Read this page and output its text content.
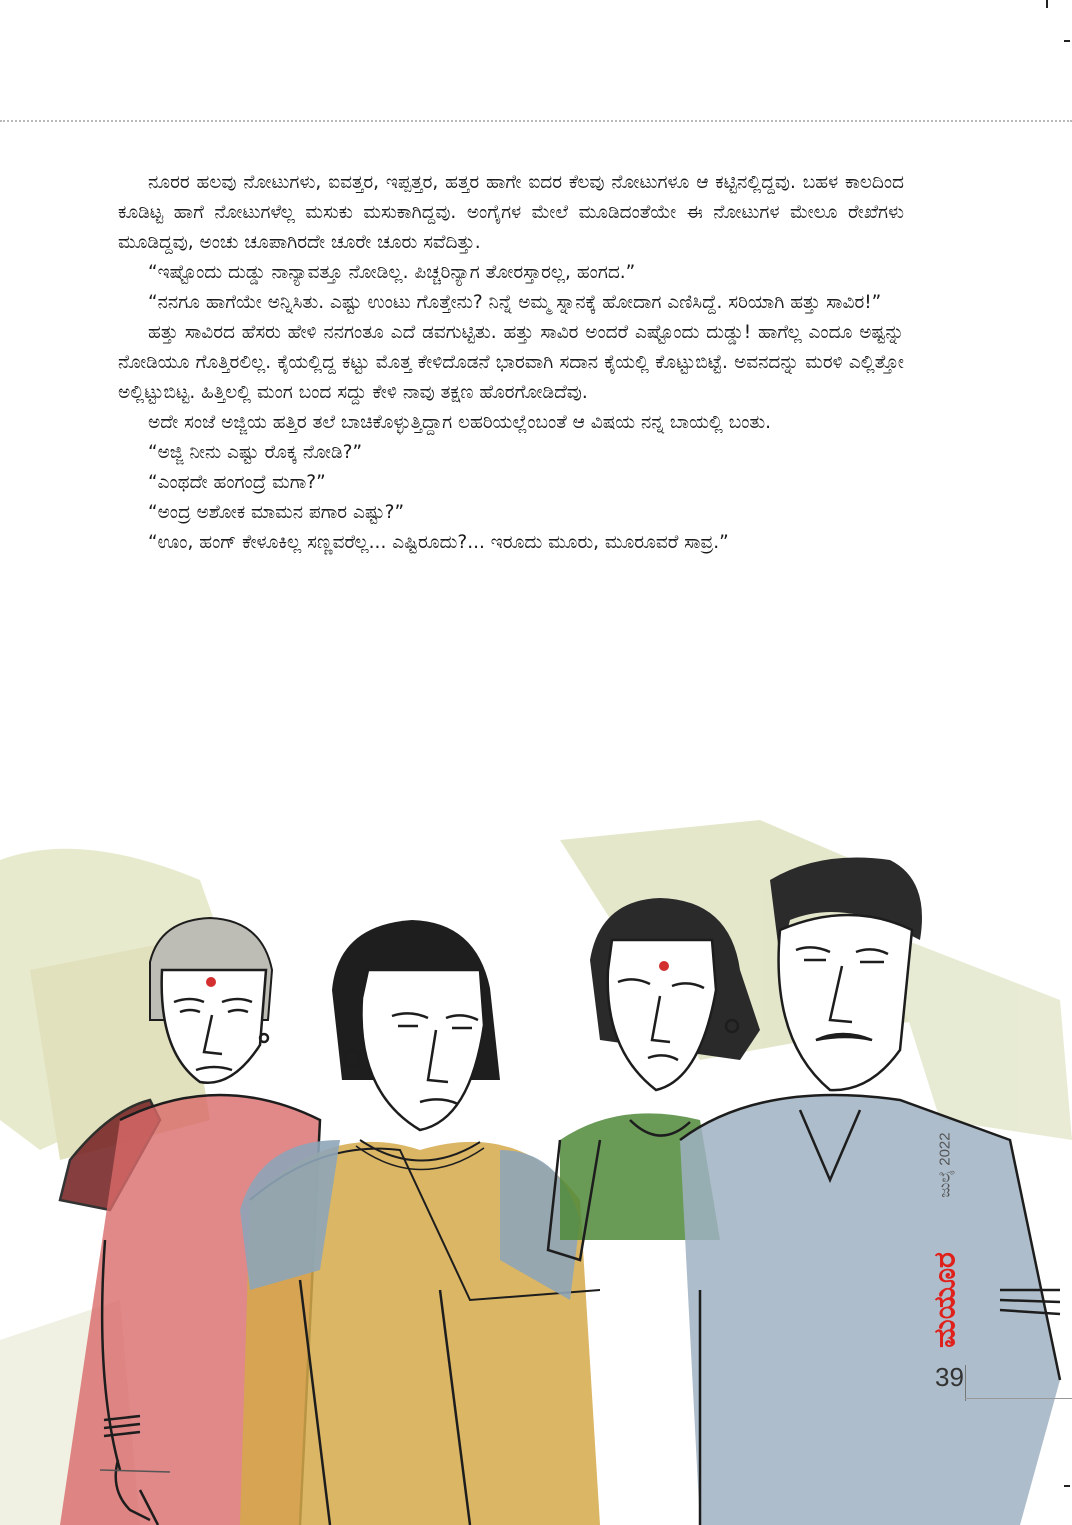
ನೂರರ ಹಲವು ನೋಟುಗಳು, ಐವತ್ತರ, ಇಪ್ಪತ್ತರ, ಹತ್ತರ ಹಾಗೇ ಐದರ ಕೆಲವು ನೋಟುಗಳೂ ಆ ಕಟ್ಟಿನಲ್ಲಿದ್ದವು. ಬಹಳ ಕಾಲದಿಂದ ಕೂಡಿಟ್ಟ ಹಾಗೆ ನೋಟುಗಳೆಲ್ಲ ಮಸುಕು ಮಸುಕಾಗಿದ್ದವು. ಅಂಗೈಗಳ ಮೇಲೆ ಮೂಡಿದಂತೆಯೇ ಈ ನೋಟುಗಳ ಮೇಲೂ ರೇಖೆಗಳು ಮೂಡಿದ್ದವು, ಅಂಚು ಚೂಪಾಗಿರದೇ ಚೂರೇ ಚೂರು ಸವೆದಿತ್ತು.

“ಇಷ್ಟೊಂದು ದುಡ್ಡು ನಾನ್ಯಾವತ್ತೂ ನೋಡಿಲ್ಲ. ಪಿಚ್ಚರಿನ್ಯಾಗ ತೋರಸ್ತಾರಲ್ಲ, ಹಂಗದ.”

“ನನಗೂ ಹಾಗೆಯೇ ಅನ್ನಿಸಿತು. ಎಷ್ಟು ಉಂಟು ಗೊತ್ತೇನು? ನಿನ್ನೆ ಅಮ್ಮ ಸ್ನಾನಕ್ಕೆ ಹೋದಾಗ ಎಣಿಸಿದ್ದೆ. ಸರಿಯಾಗಿ ಹತ್ತು ಸಾವಿರ!”

ಹತ್ತು ಸಾವಿರದ ಹೆಸರು ಹೇಳಿ ನನಗಂತೂ ಎದೆ ಡವಗುಟ್ಟಿತು. ಹತ್ತು ಸಾವಿರ ಅಂದರೆ ಎಷ್ಟೊಂದು ದುಡ್ಡು! ಹಾಗೆಲ್ಲ ಎಂದೂ ಅಷ್ಟನ್ನು ನೋಡಿಯೂ ಗೊತ್ತಿರಲಿಲ್ಲ. ಕೈಯಲ್ಲಿದ್ದ ಕಟ್ಟು ಮೊತ್ತ ಕೇಳಿದೊಡನೆ ಭಾರವಾಗಿ ಸದಾನ ಕೈಯಲ್ಲಿ ಕೊಟ್ಟುಬಿಟ್ಟೆ. ಅವನದನ್ನು ಮರಳಿ ಎಲ್ಲಿತ್ತೋ ಅಲ್ಲಿಟ್ಟುಬಿಟ್ಟ. ಹಿತ್ತಿಲಲ್ಲಿ ಮಂಗ ಬಂದ ಸದ್ದು ಕೇಳಿ ನಾವು ತಕ್ಷಣ ಹೊರಗೋಡಿದೆವು.

ಅದೇ ಸಂಜೆ ಅಜ್ಜಿಯ ಹತ್ತಿರ ತಲೆ ಬಾಚಿಕೊಳ್ಳುತ್ತಿದ್ದಾಗ ಲಹರಿಯಲ್ಲೆಂಬಂತೆ ಆ ವಿಷಯ ನನ್ನ ಬಾಯಲ್ಲಿ ಬಂತು.

“ಅಜ್ಜಿ ನೀನು ಎಷ್ಟು ರೊಕ್ಕ ನೋಡಿ?”

“ಎಂಥದೇ ಹಂಗಂದ್ರೆ ಮಗಾ?”

“ಅಂದ್ರ ಅಶೋಕ ಮಾಮನ ಪಗಾರ ಎಷ್ಟು?”

“ಊಂ, ಹಂಗ್ ಕೇಳೂಕಿಲ್ಲ ಸಣ್ಣವರೆಲ್ಲ... ಎಷ್ಟಿರೂದು?... ಇರೂದು ಮೂರು, ಮೂರೂವರೆ ಸಾವ್ರ.”

ಜುಲೈ 2022
ಮಯೂರ
39
